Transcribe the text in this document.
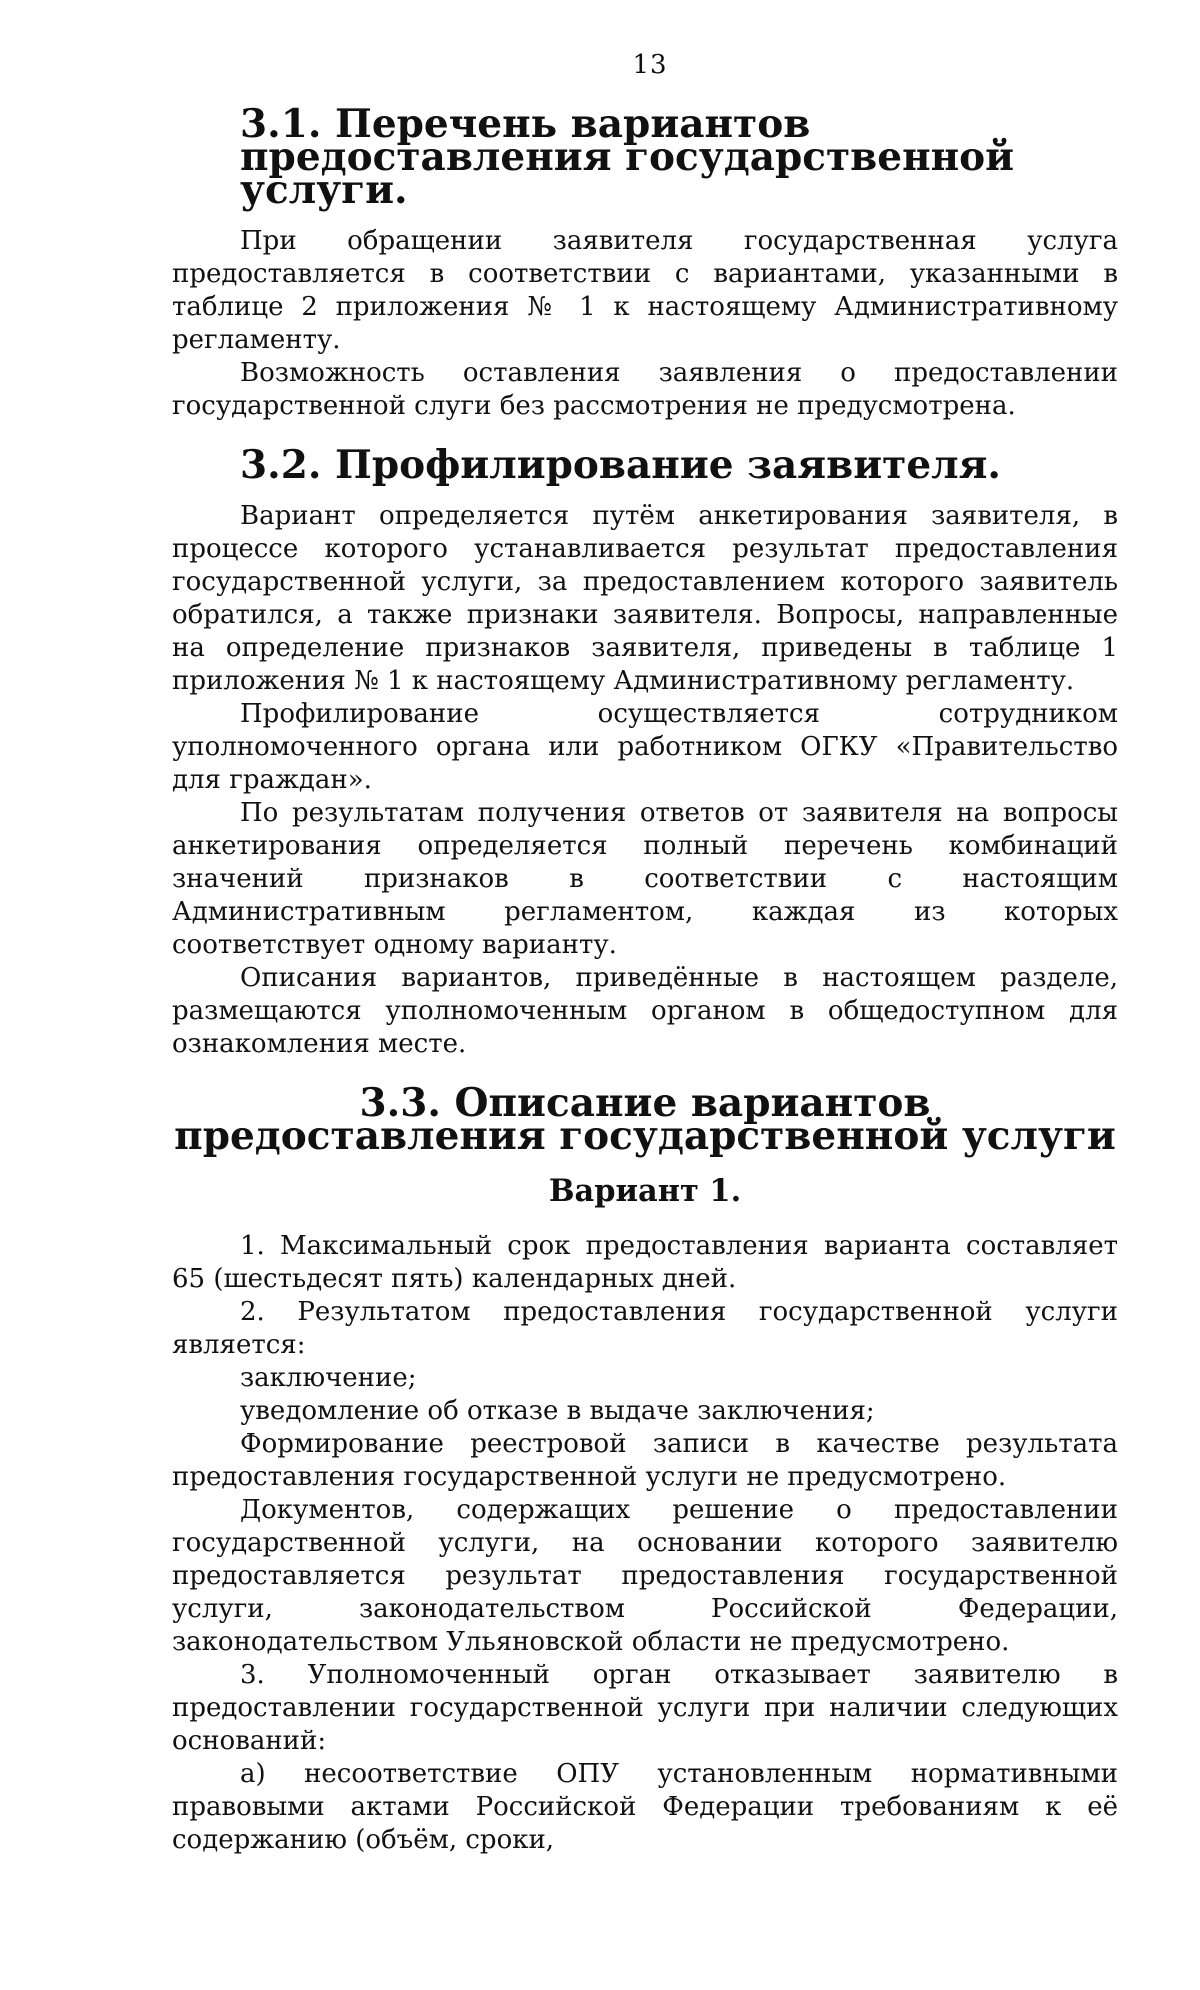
13
3.1. Перечень вариантов предоставления государственной услуги.

При обращении заявителя государственная услуга предоставляется в соответствии с вариантами, указанными в таблице 2 приложения № 1 к настоящему Административному регламенту.

Возможность оставления заявления о предоставлении государственной слуги без рассмотрения не предусмотрена.

3.2. Профилирование заявителя.

Вариант определяется путём анкетирования заявителя, в процессе которого устанавливается результат предоставления государственной услуги, за предоставлением которого заявитель обратился, а также признаки заявителя. Вопросы, направленные на определение признаков заявителя, приведены в таблице 1 приложения № 1 к настоящему Административному регламенту.

Профилирование осуществляется сотрудником уполномоченного органа или работником ОГКУ «Правительство для граждан».

По результатам получения ответов от заявителя на вопросы анкетирования определяется полный перечень комбинаций значений признаков в соответствии с настоящим Административным регламентом, каждая из которых соответствует одному варианту.

Описания вариантов, приведённые в настоящем разделе, размещаются уполномоченным органом в общедоступном для ознакомления месте.

3.3. Описание вариантов предоставления государственной услуги
Вариант 1.

1. Максимальный срок предоставления варианта составляет 65 (шестьдесят пять) календарных дней.

2. Результатом предоставления государственной услуги является:

заключение;

уведомление об отказе в выдаче заключения;

Формирование реестровой записи в качестве результата предоставления государственной услуги не предусмотрено.

Документов, содержащих решение о предоставлении государственной услуги, на основании которого заявителю предоставляется результат предоставления государственной услуги, законодательством Российской Федерации, законодательством Ульяновской области не предусмотрено.

3. Уполномоченный орган отказывает заявителю в предоставлении государственной услуги при наличии следующих оснований:

а) несоответствие ОПУ установленным нормативными правовыми актами Российской Федерации требованиям к её содержанию (объём, сроки,
